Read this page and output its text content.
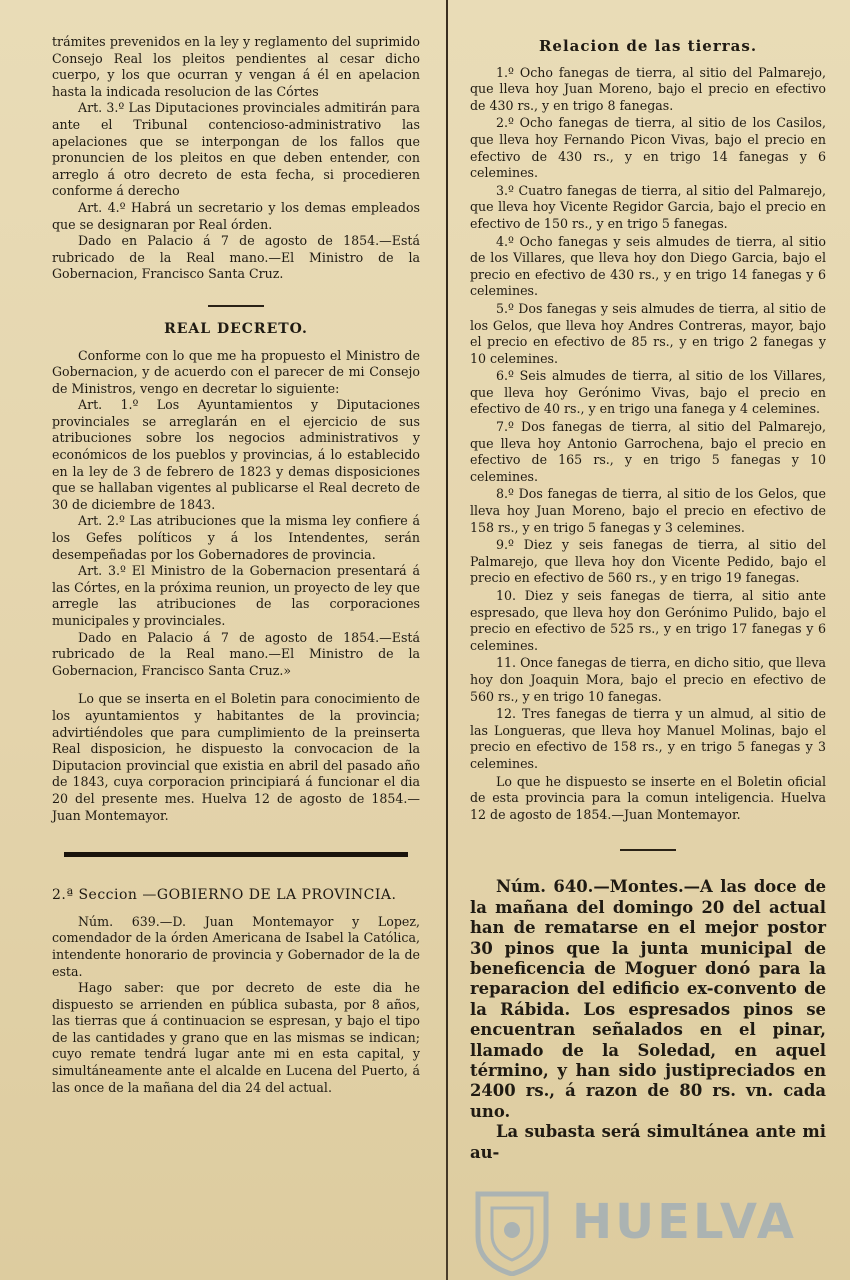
trámites prevenidos en la ley y reglamento del suprimido Consejo Real los pleitos pendientes al cesar dicho cuerpo, y los que ocurran y vengan á él en apelacion hasta la indicada resolucion de las Córtes

Art. 3.º Las Diputaciones provinciales admitirán para ante el Tribunal contencioso-administrativo las apelaciones que se interpongan de los fallos que pronuncien de los pleitos en que deben entender, con arreglo á otro decreto de esta fecha, si procedieren conforme á derecho

Art. 4.º Habrá un secretario y los demas empleados que se designaran por Real órden.

Dado en Palacio á 7 de agosto de 1854.—Está rubricado de la Real mano.—El Ministro de la Gobernacion, Francisco Santa Cruz.

REAL DECRETO.

Conforme con lo que me ha propuesto el Ministro de Gobernacion, y de acuerdo con el parecer de mi Consejo de Ministros, vengo en decretar lo siguiente:

Art. 1.º Los Ayuntamientos y Diputaciones provinciales se arreglarán en el ejercicio de sus atribuciones sobre los negocios administrativos y económicos de los pueblos y provincias, á lo establecido en la ley de 3 de febrero de 1823 y demas disposiciones que se hallaban vigentes al publicarse el Real decreto de 30 de diciembre de 1843.

Art. 2.º Las atribuciones que la misma ley confiere á los Gefes políticos y á los Intendentes, serán desempeñadas por los Gobernadores de provincia.

Art. 3.º El Ministro de la Gobernacion presentará á las Córtes, en la próxima reunion, un proyecto de ley que arregle las atribuciones de las corporaciones municipales y provinciales.

Dado en Palacio á 7 de agosto de 1854.—Está rubricado de la Real mano.—El Ministro de la Gobernacion, Francisco Santa Cruz.»

Lo que se inserta en el Boletin para conocimiento de los ayuntamientos y habitantes de la provincia; advirtiéndoles que para cumplimiento de la preinserta Real disposicion, he dispuesto la convocacion de la Diputacion provincial que existia en abril del pasado año de 1843, cuya corporacion principiará á funcionar el dia 20 del presente mes. Huelva 12 de agosto de 1854.—Juan Montemayor.

2.ª Seccion —GOBIERNO DE LA PROVINCIA.

Núm. 639.—D. Juan Montemayor y Lopez, comendador de la órden Americana de Isabel la Católica, intendente honorario de provincia y Gobernador de la de esta.

Hago saber: que por decreto de este dia he dispuesto se arrienden en pública subasta, por 8 años, las tierras que á continuacion se espresan, y bajo el tipo de las cantidades y grano que en las mismas se indican; cuyo remate tendrá lugar ante mi en esta capital, y simultáneamente ante el alcalde en Lucena del Puerto, á las once de la mañana del dia 24 del actual.

Relacion de las tierras.

1.º Ocho fanegas de tierra, al sitio del Palmarejo, que lleva hoy Juan Moreno, bajo el precio en efectivo de 430 rs., y en trigo 8 fanegas.

2.º Ocho fanegas de tierra, al sitio de los Casilos, que lleva hoy Fernando Picon Vivas, bajo el precio en efectivo de 430 rs., y en trigo 14 fanegas y 6 celemines.

3.º Cuatro fanegas de tierra, al sitio del Palmarejo, que lleva hoy Vicente Regidor Garcia, bajo el precio en efectivo de 150 rs., y en trigo 5 fanegas.

4.º Ocho fanegas y seis almudes de tierra, al sitio de los Villares, que lleva hoy don Diego Garcia, bajo el precio en efectivo de 430 rs., y en trigo 14 fanegas y 6 celemines.

5.º Dos fanegas y seis almudes de tierra, al sitio de los Gelos, que lleva hoy Andres Contreras, mayor, bajo el precio en efectivo de 85 rs., y en trigo 2 fanegas y 10 celemines.

6.º Seis almudes de tierra, al sitio de los Villares, que lleva hoy Gerónimo Vivas, bajo el precio en efectivo de 40 rs., y en trigo una fanega y 4 celemines.

7.º Dos fanegas de tierra, al sitio del Palmarejo, que lleva hoy Antonio Garrochena, bajo el precio en efectivo de 165 rs., y en trigo 5 fanegas y 10 celemines.

8.º Dos fanegas de tierra, al sitio de los Gelos, que lleva hoy Juan Moreno, bajo el precio en efectivo de 158 rs., y en trigo 5 fanegas y 3 celemines.

9.º Diez y seis fanegas de tierra, al sitio del Palmarejo, que lleva hoy don Vicente Pedido, bajo el precio en efectivo de 560 rs., y en trigo 19 fanegas.

10. Diez y seis fanegas de tierra, al sitio ante espresado, que lleva hoy don Gerónimo Pulido, bajo el precio en efectivo de 525 rs., y en trigo 17 fanegas y 6 celemines.

11. Once fanegas de tierra, en dicho sitio, que lleva hoy don Joaquin Mora, bajo el precio en efectivo de 560 rs., y en trigo 10 fanegas.

12. Tres fanegas de tierra y un almud, al sitio de las Longueras, que lleva hoy Manuel Molinas, bajo el precio en efectivo de 158 rs., y en trigo 5 fanegas y 3 celemines.

Lo que he dispuesto se inserte en el Boletin oficial de esta provincia para la comun inteligencia. Huelva 12 de agosto de 1854.—Juan Montemayor.

Núm. 640.—Montes.—A las doce de la mañana del domingo 20 del actual han de rematarse en el mejor postor 30 pinos que la junta municipal de beneficencia de Moguer donó para la reparacion del edificio ex-convento de la Rábida. Los espresados pinos se encuentran señalados en el pinar, llamado de la Soledad, en aquel término, y han sido justipreciados en 2400 rs., á razon de 80 rs. vn. cada uno.

La subasta será simultánea ante mi au-

HUELVA
